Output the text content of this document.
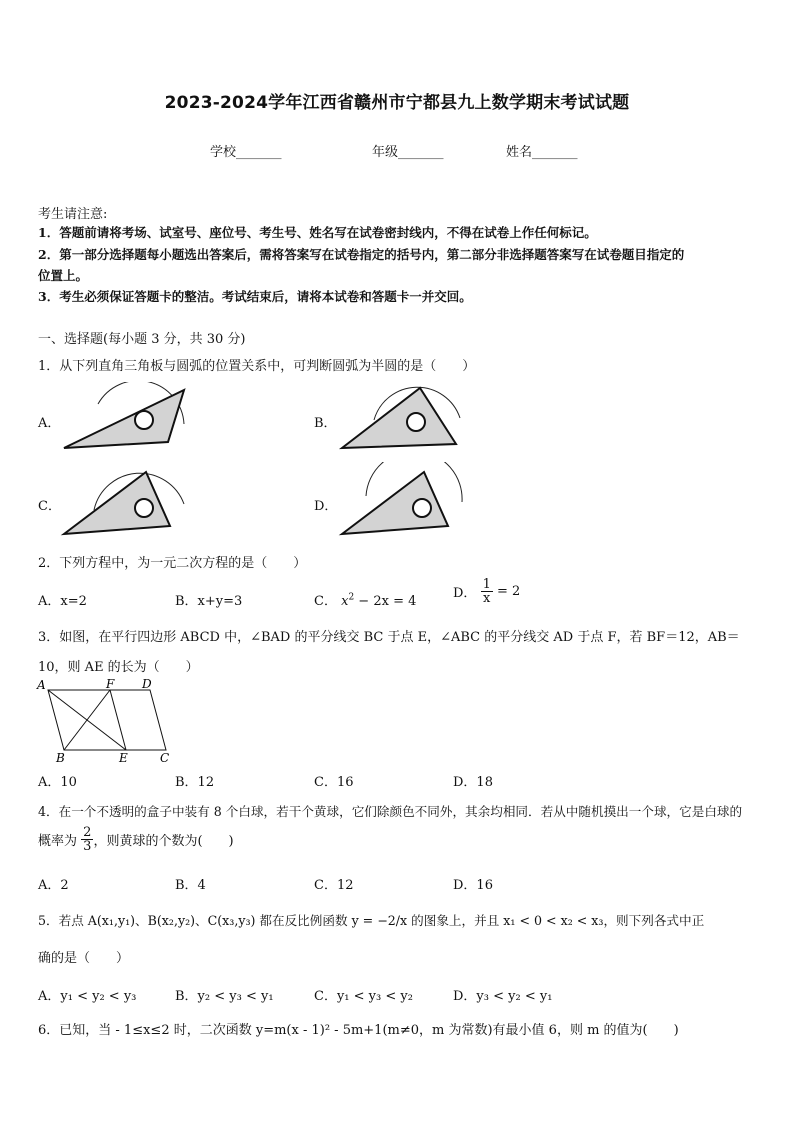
2023-2024学年江西省赣州市宁都县九上数学期末考试试题
学校_______	年级_______	姓名_______
考生请注意:
1．答题前请将考场、试室号、座位号、考生号、姓名写在试卷密封线内，不得在试卷上作任何标记。
2．第一部分选择题每小题选出答案后，需将答案写在试卷指定的括号内，第二部分非选择题答案写在试卷题目指定的
位置上。
3．考生必须保证答题卡的整洁。考试结束后，请将本试卷和答题卡一并交回。
一、选择题(每小题 3 分，共 30 分)
1．从下列直角三角板与圆弧的位置关系中，可判断圆弧为半圆的是（　　）
A．	B．
C．	D．
2．下列方程中，为一元二次方程的是（　　）
A．x=2	B．x+y=3	C． $x^2 - 2x = 4$
D． $\frac{1}{x} = 2$
3．如图，在平行四边形 ABCD 中，∠BAD 的平分线交 BC 于点 E，∠ABC 的平分线交 AD 于点 F，若 BF＝12，AB＝
10，则 AE 的长为（　　）
A	F D
B	E	C
A．10	B．12	C．16	D．18
4．在一个不透明的盒子中装有 8 个白球，若干个黄球，它们除颜色不同外，其余均相同．若从中随机摸出一个球，它是白球的
概率为 $\frac{2}{3}$ ，则黄球的个数为(　　)
A．2	B．4	C．12	D．16
5．若点 A(x₁,y₁)、B(x₂,y₂)、C(x₃,y₃) 都在反比例函数 y = −2/x 的图象上，并且 x₁ < 0 < x₂ < x₃，则下列各式中正
确的是（　　）
A．y₁ < y₂ < y₃	B．y₂ < y₃ < y₁	C．y₁ < y₃ < y₂	D．y₃ < y₂ < y₁
6．已知，当 - 1≤x≤2 时，二次函数 y=m(x - 1)² - 5m+1(m≠0，m 为常数)有最小值 6，则 m 的值为(　　)
